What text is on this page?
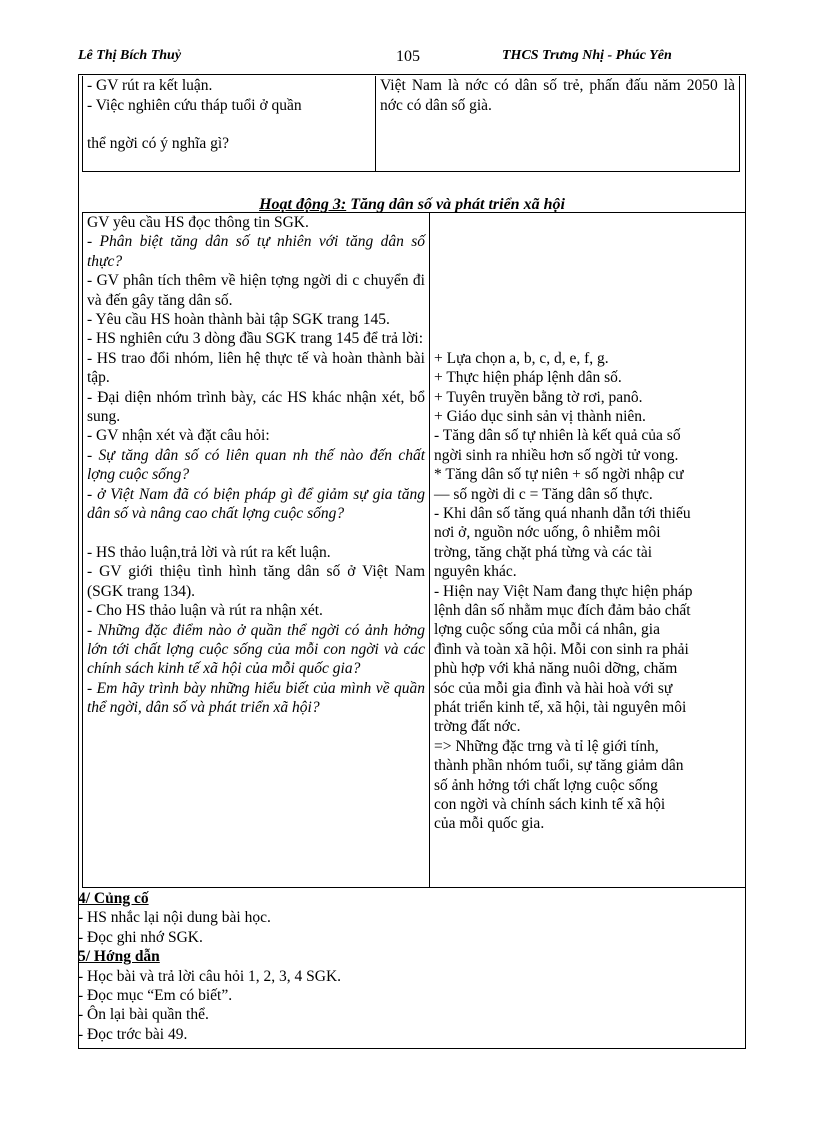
Lê Thị Bích Thuỷ	105	THCS Trưng Nhị - Phúc Yên
- GV rút ra kết luận.
- Việc nghiên cứu tháp tuổi ở quần
thể ngời có ý nghĩa gì?
Việt Nam là nớc có dân số trẻ, phấn đấu năm 2050 là nớc có dân số già.
Hoạt động 3: Tăng dân số và phát triển xã hội
GV yêu cầu HS đọc thông tin SGK.
- Phân biệt tăng dân số tự nhiên với tăng dân số thực?
- GV phân tích thêm về hiện tợng ngời di c chuyển đi và đến gây tăng dân số.
- Yêu cầu HS hoàn thành bài tập SGK trang 145.
- HS nghiên cứu 3 dòng đầu SGK trang 145 để trả lời:
- HS trao đổi nhóm, liên hệ thực tế và hoàn thành bài tập.
- Đại diện nhóm trình bày, các HS khác nhận xét, bổ sung.
- GV nhận xét và đặt câu hỏi:
- Sự tăng dân số có liên quan nh thế nào đến chất lợng cuộc sống?
- ở Việt Nam đã có biện pháp gì để giảm sự gia tăng dân số và nâng cao chất lợng cuộc sống?
- HS thảo luận,trả lời và rút ra kết luận.
- GV giới thiệu tình hình tăng dân số ở Việt Nam (SGK trang 134).
- Cho HS thảo luận và rút ra nhận xét.
- Những đặc điểm nào ở quần thể ngời có ảnh hởng lớn tới chất lợng cuộc sống của mỗi con ngời và các chính sách kinh tế xã hội của mỗi quốc gia?
- Em hãy trình bày những hiểu biết của mình về quần thể ngời, dân số và phát triển xã hội?
+ Lựa chọn a, b, c, d, e, f, g.
+ Thực hiện pháp lệnh dân số.
+ Tuyên truyền bằng tờ rơi, panô.
+ Giáo dục sinh sản vị thành niên.
- Tăng dân số tự nhiên là kết quả của số
ngời sinh ra nhiều hơn số ngời tử vong.
* Tăng dân số tự niên + số ngời nhập cư
— số ngời di c = Tăng dân số thực.
- Khi dân số tăng quá nhanh dẫn tới thiếu
nơi ở, nguồn nớc uống, ô nhiễm môi
trờng, tăng chặt phá từng và các tài
nguyên khác.
- Hiện nay Việt Nam đang thực hiện pháp
lệnh dân số nhằm mục đích đảm bảo chất
lợng cuộc sống của mỗi cá nhân, gia
đình và toàn xã hội. Mỗi con sinh ra phải
phù hợp với khả năng nuôi dỡng, chăm
sóc của mỗi gia đình và hài hoà với sự
phát triển kinh tế, xã hội, tài nguyên môi
trờng đất nớc.
=> Những đặc trng và tỉ lệ giới tính,
thành phần nhóm tuổi, sự tăng giảm dân
số ảnh hởng tới chất lợng cuộc sống
con ngời và chính sách kinh tế xã hội
của mỗi quốc gia.
4/ Củng cố
- HS nhắc lại nội dung bài học.
- Đọc ghi nhớ SGK.
5/ Hớng dẫn
- Học bài và trả lời câu hỏi 1, 2, 3, 4 SGK.
- Đọc mục “Em có biết”.
- Ôn lại bài quần thể.
- Đọc trớc bài 49.
